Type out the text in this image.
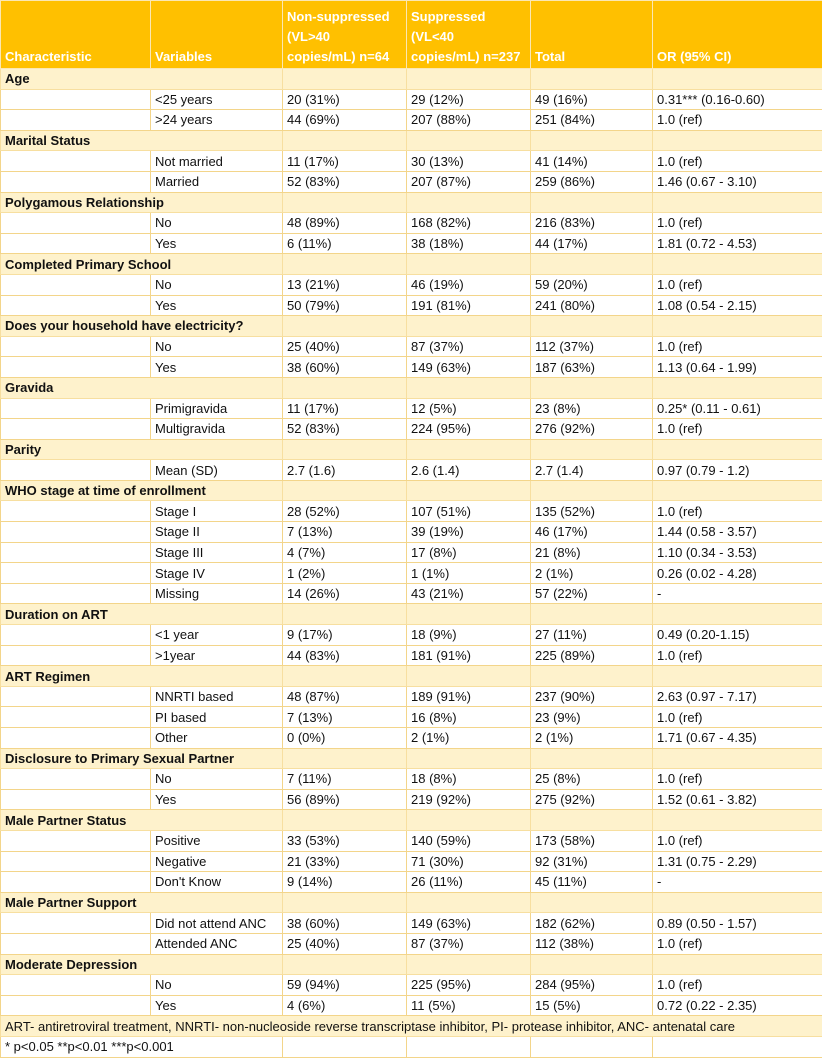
Characteristic	Variables	Non-suppressed (VL>40 copies/mL) n=64	Suppressed (VL<40 copies/mL) n=237	Total	OR (95% CI)
Age					
	<25 years	20 (31%)	29 (12%)	49 (16%)	0.31*** (0.16-0.60)
	>24 years	44 (69%)	207 (88%)	251 (84%)	1.0 (ref)
Marital Status					
	Not married	11 (17%)	30 (13%)	41 (14%)	1.0 (ref)
	Married	52 (83%)	207 (87%)	259 (86%)	1.46 (0.67 - 3.10)
Polygamous Relationship					
	No	48 (89%)	168 (82%)	216 (83%)	1.0 (ref)
	Yes	6 (11%)	38 (18%)	44 (17%)	1.81 (0.72 - 4.53)
Completed Primary School					
	No	13 (21%)	46 (19%)	59 (20%)	1.0 (ref)
	Yes	50 (79%)	191 (81%)	241 (80%)	1.08 (0.54 - 2.15)
Does your household have electricity?					
	No	25 (40%)	87 (37%)	112 (37%)	1.0 (ref)
	Yes	38 (60%)	149 (63%)	187 (63%)	1.13 (0.64 - 1.99)
Gravida					
	Primigravida	11 (17%)	12 (5%)	23 (8%)	0.25* (0.11 - 0.61)
	Multigravida	52 (83%)	224 (95%)	276 (92%)	1.0 (ref)
Parity					
	Mean (SD)	2.7 (1.6)	2.6 (1.4)	2.7 (1.4)	0.97 (0.79 - 1.2)
WHO stage at time of enrollment					
	Stage I	28 (52%)	107 (51%)	135 (52%)	1.0 (ref)
	Stage II	7 (13%)	39 (19%)	46 (17%)	1.44 (0.58 - 3.57)
	Stage III	4 (7%)	17 (8%)	21 (8%)	1.10 (0.34 - 3.53)
	Stage IV	1 (2%)	1 (1%)	2 (1%)	0.26 (0.02 - 4.28)
	Missing	14 (26%)	43 (21%)	57 (22%)	-
Duration on ART					
	<1 year	9 (17%)	18 (9%)	27 (11%)	0.49 (0.20-1.15)
	>1year	44 (83%)	181 (91%)	225 (89%)	1.0 (ref)
ART Regimen					
	NNRTI based	48 (87%)	189 (91%)	237 (90%)	2.63 (0.97 - 7.17)
	PI based	7 (13%)	16 (8%)	23 (9%)	1.0 (ref)
	Other	0 (0%)	2 (1%)	2 (1%)	1.71 (0.67 - 4.35)
Disclosure to Primary Sexual Partner					
	No	7 (11%)	18 (8%)	25 (8%)	1.0 (ref)
	Yes	56 (89%)	219 (92%)	275 (92%)	1.52 (0.61 - 3.82)
Male Partner Status					
	Positive	33 (53%)	140 (59%)	173 (58%)	1.0 (ref)
	Negative	21 (33%)	71 (30%)	92 (31%)	1.31 (0.75 - 2.29)
	Don't Know	9 (14%)	26 (11%)	45 (11%)	-
Male Partner Support					
	Did not attend ANC	38 (60%)	149 (63%)	182 (62%)	0.89 (0.50 - 1.57)
	Attended ANC	25 (40%)	87 (37%)	112 (38%)	1.0 (ref)
Moderate Depression					
	No	59 (94%)	225 (95%)	284 (95%)	1.0 (ref)
	Yes	4 (6%)	11 (5%)	15 (5%)	0.72 (0.22 - 2.35)
ART- antiretroviral treatment, NNRTI- non-nucleoside reverse transcriptase inhibitor, PI- protease inhibitor, ANC- antenatal care					
* p<0.05 **p<0.01 ***p<0.001					
